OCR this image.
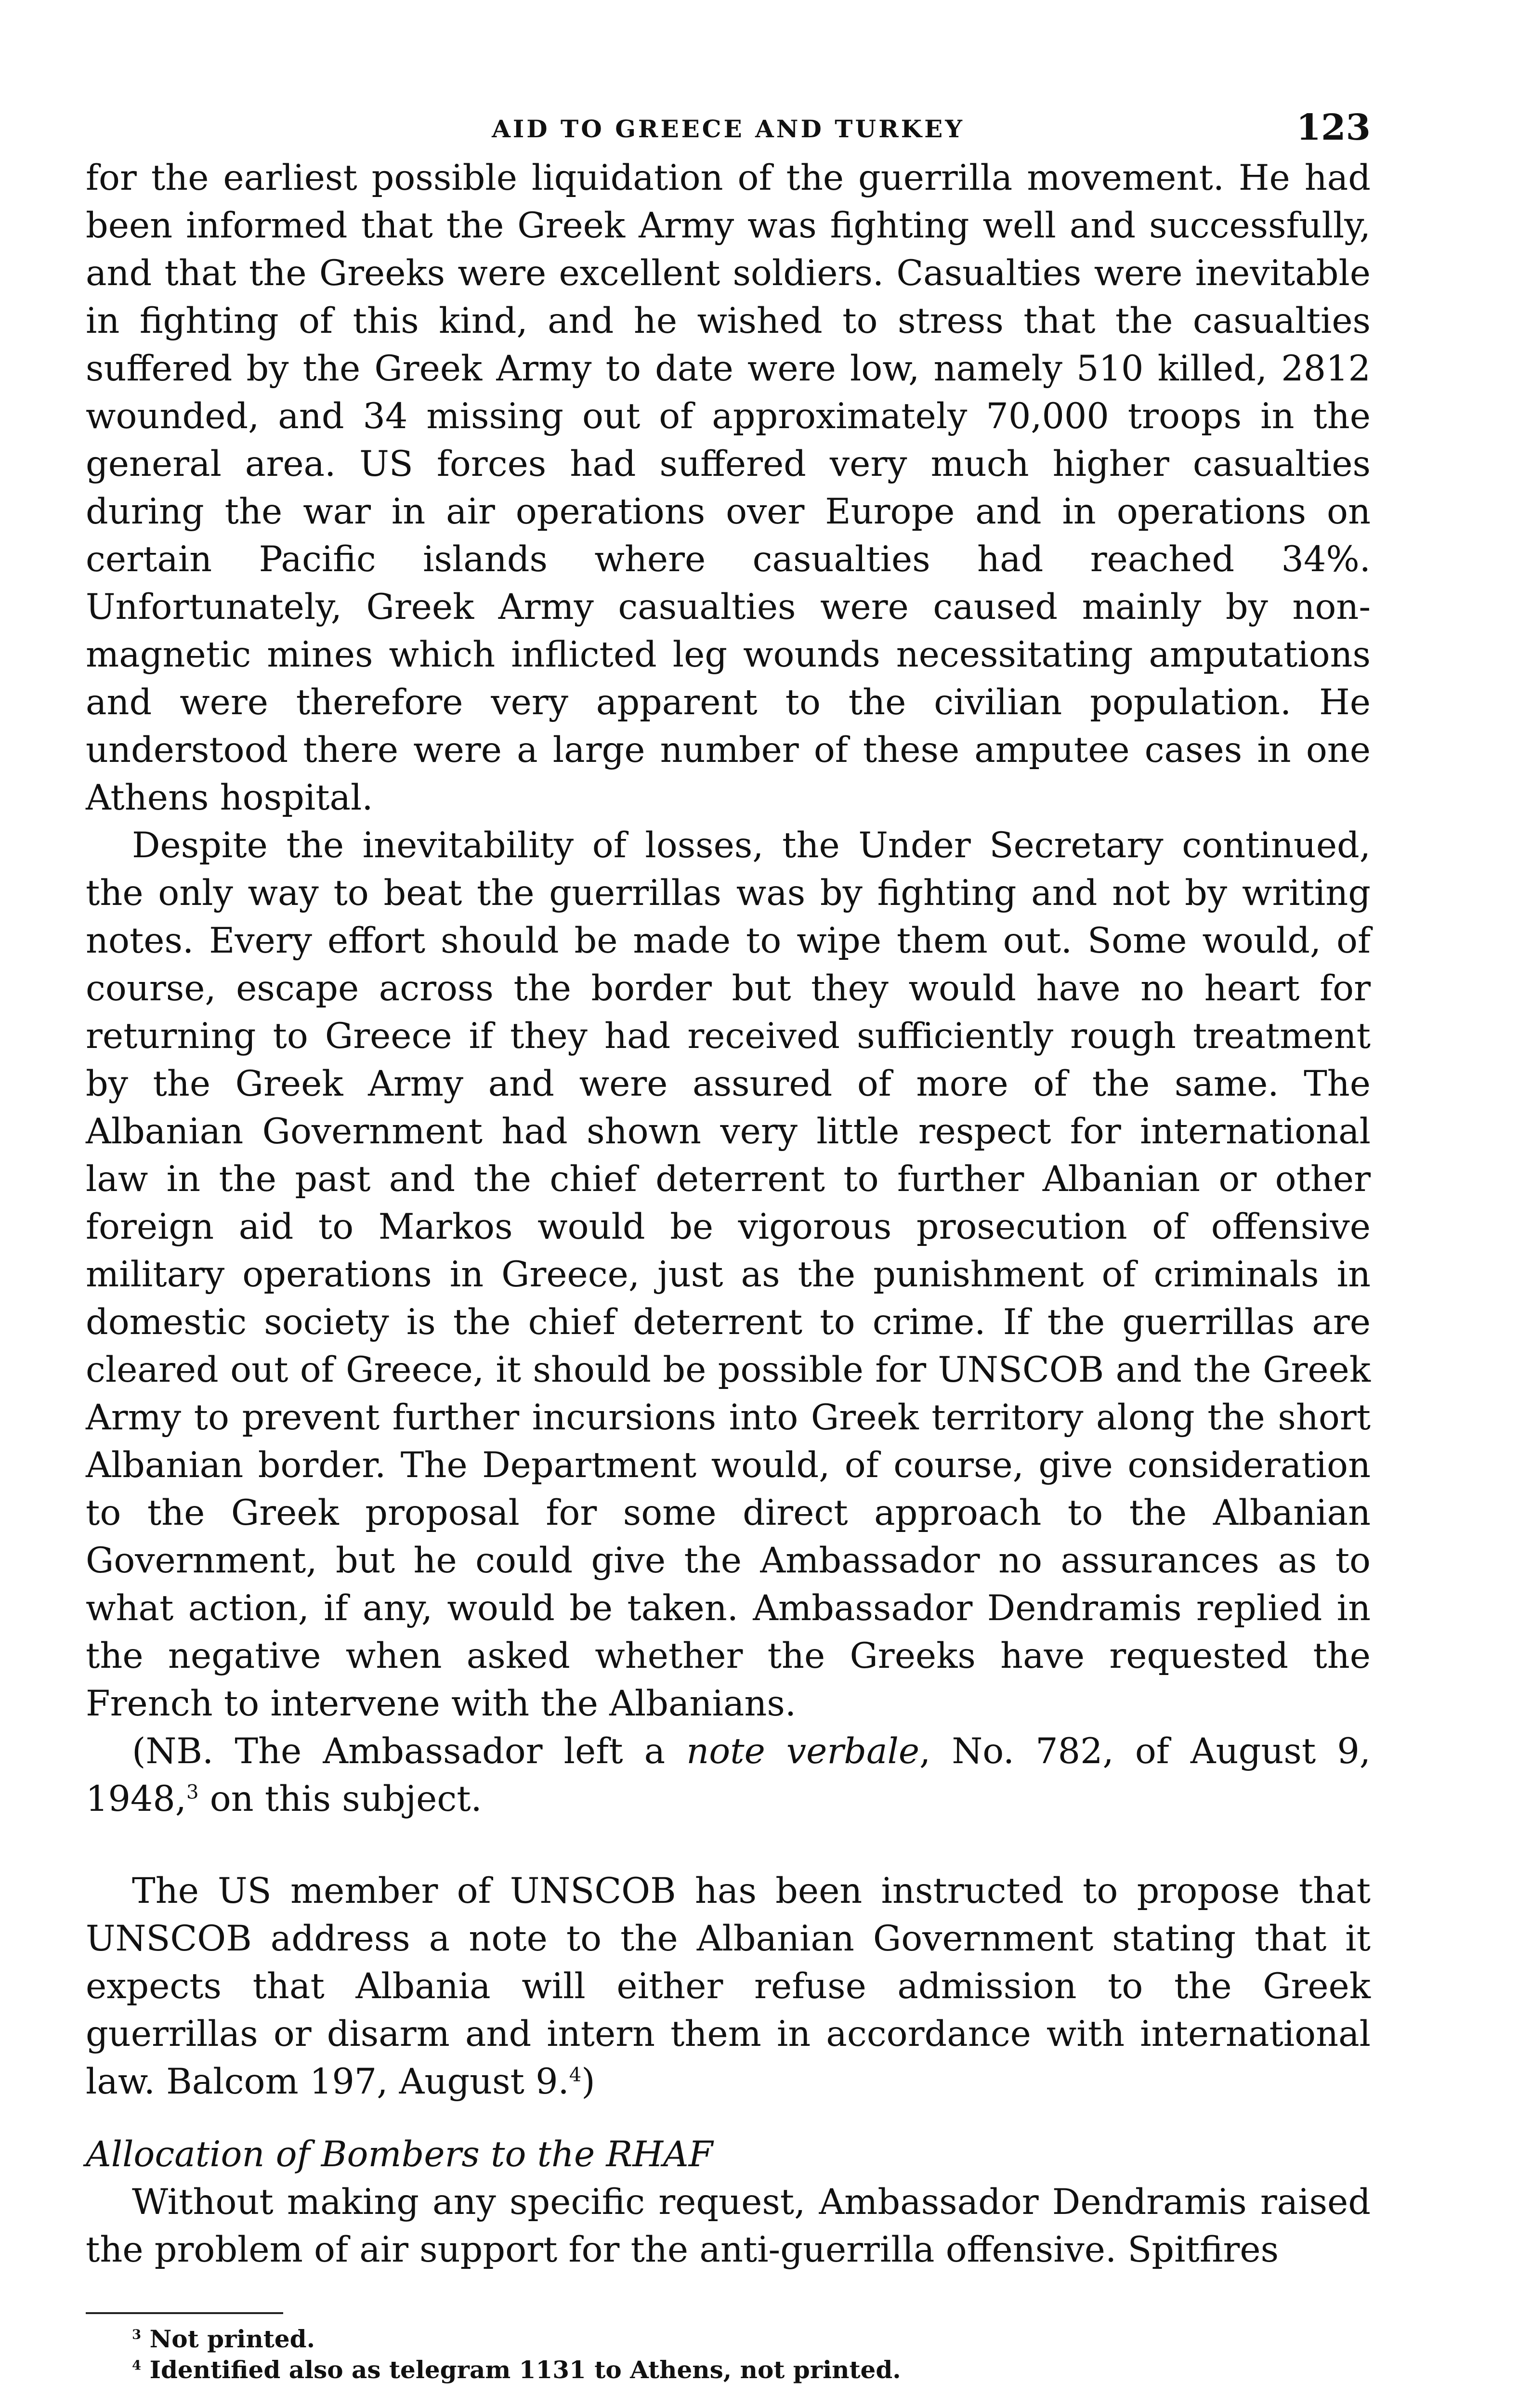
AID TO GREECE AND TURKEY	123

for the earliest possible liquidation of the guerrilla movement. He had been informed that the Greek Army was fighting well and successfully, and that the Greeks were excellent soldiers. Casualties were inevitable in fighting of this kind, and he wished to stress that the casualties suffered by the Greek Army to date were low, namely 510 killed, 2812 wounded, and 34 missing out of approximately 70,000 troops in the general area. US forces had suffered very much higher casualties during the war in air operations over Europe and in operations on certain Pacific islands where casualties had reached 34%. Unfortunately, Greek Army casualties were caused mainly by non-magnetic mines which inflicted leg wounds necessitating amputations and were therefore very apparent to the civilian population. He understood there were a large number of these amputee cases in one Athens hospital.

Despite the inevitability of losses, the Under Secretary continued, the only way to beat the guerrillas was by fighting and not by writing notes. Every effort should be made to wipe them out. Some would, of course, escape across the border but they would have no heart for returning to Greece if they had received sufficiently rough treatment by the Greek Army and were assured of more of the same. The Albanian Government had shown very little respect for international law in the past and the chief deterrent to further Albanian or other foreign aid to Markos would be vigorous prosecution of offensive military operations in Greece, just as the punishment of criminals in domestic society is the chief deterrent to crime. If the guerrillas are cleared out of Greece, it should be possible for UNSCOB and the Greek Army to prevent further incursions into Greek territory along the short Albanian border. The Department would, of course, give consideration to the Greek proposal for some direct approach to the Albanian Government, but he could give the Ambassador no assurances as to what action, if any, would be taken. Ambassador Dendramis replied in the negative when asked whether the Greeks have requested the French to intervene with the Albanians.

(NB. The Ambassador left a note verbale, No. 782, of August 9, 1948,$^3$ on this subject.

The US member of UNSCOB has been instructed to propose that UNSCOB address a note to the Albanian Government stating that it expects that Albania will either refuse admission to the Greek guerrillas or disarm and intern them in accordance with international law. Balcom 197, August 9.$^4$)

Allocation of Bombers to the RHAF

Without making any specific request, Ambassador Dendramis raised the problem of air support for the anti-guerrilla offensive. Spitfires

$^3$ Not printed.

$^4$ Identified also as telegram 1131 to Athens, not printed.
